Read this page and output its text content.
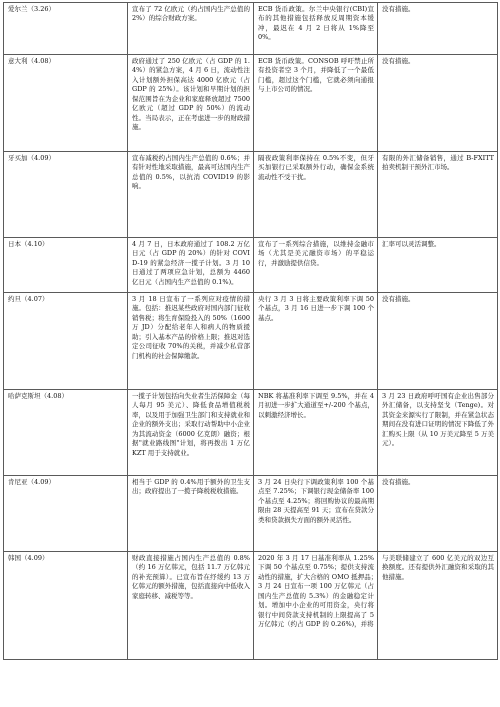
爱尔兰（3.26）	宣布了 72 亿欧元（约占国内生产总值的 2%）的综合财政方案。	ECB 货币政策。尔兰中央银行(CBI)宣布的其他措施包括释放反周期资本缓冲，最迟在 4 月 2 日将从 1%降至 0%。	没有措施。
意大利（4.08）	政府通过了 250 亿欧元（占 GDP 的 1.4%）的紧急方案，4 月 6 日，流动性注入计划额外担保高达 4000 亿欧元（占 GDP 的 25%）。该计划和早期计划的担保范围旨在为企业和家庭释放超过 7500 亿欧元（超过 GDP 的 50%）的流动性。当局表示，正在考虑进一步的财政措施。	ECB 货币政策。CONSOB 呼吁禁止所有投资者空 3 个月，并降低了一个最低门槛，超过这个门槛，它就必须向通报与上市公司的情况。	没有措施。
牙买加（4.09）	宣布减税约占国内生产总值的 0.6%；并有针对性地采取措施，最高可达国内生产总值的 0.5%，以抗消 COVID19 的影响。	隔夜政策利率保持在 0.5%不变，但牙买加银行已采取额外行动，确保金系统流动性不受干扰。	有限的外汇储备销售，通过 B-FXITT 拍卖机制干预外汇市场。
日本（4.10）	4 月 7 日，日本政府通过了 108.2 万亿日元（占 GDP 的 20%）的针对 COVID-19 的紧急经济一揽子计划。3 月 10 日通过了两项应急计划，总额为 4460 亿日元（占国内生产总值的 0.1%)。	宣布了一系列综合措施，以维持金融市场（尤其是美元融资市场）的平稳运行，并激励提供信贷。	汇率可以灵活调整。
约旦（4.07）	3 月 18 日宣布了一系列应对疫情的措施。包括：推迟某些政府对国内部门征收销售税；将生育保险投入的 50%（1600 万 JD）分配给老年人和病人的物质援助；引入基本产品的价格上限；推迟对选定公司征收 70%的关税，并减少私营部门机构的社会保障缴款。	央行 3 月 3 日将主要政策利率下调 50 个基点，3 月 16 日进一步下调 100 个基点。	没有措施。
哈萨克斯坦（4.08）	一揽子计划包括向失业者生活保障金（每人每月 95 美元）、降低食品增值税税率，以及用于加强卫生部门和支持就业和企业的额外支出；采取行动帮助中小企业为其流动资金（6000 亿克朗）融资；根据"就业路线图"计划，将再拨出 1 万亿 KZT 用于支持就业。	NBK 将基准利率下调至 9.5%，并在 4 月初进一步扩大通道至+/-200 个基点，以刺激经济增长。	3 月 23 日政府呼吁国有企业出售部分外汇储备，以支持坚戈（Tenge)。对其资金来源实行了限制，并在紧急状态期间在没有进口证明的情况下降低了外汇购买上限（从 10 万美元降至 5 万美元）。
肯尼亚（4.09）	相当于 GDP 的 0.4%用于额外的卫生支出；政府提出了一揽子降税税收措施。	3 月 24 日央行下调政策利率 100 个基点至 7.25%；下调银行现金储备率 100 个基点至 4.25%；将回购协议的最高期限由 28 天提高至 91 天；宣布在贷款分类和贷款损失方面的额外灵活性。	没有措施。
韩国（4.09）	财政直接措施占国内生产总值的 0.8%（约 16 万亿韩元，包括 11.7 万亿韩元的补充预算）。已宣布旨在纾缓约 13 万亿韩元的额外措施，包括直接向中低收入家庭转移、减税等等。	2020 年 3 月 17 日基准利率从 1.25%下调 50 个基点至 0.75%；提供支持流动性的措施，扩大合格的 OMO 抵押品；　　　　3 月 24 日宣布一项 100 万亿韩元（占国内生产总值的 5.3%）的金融稳定计划。增加中小企业的可用资金，央行将银行中间贷款支持机制的上限提高了 5 万亿韩元（约占 GDP 的 0.26%)，并将	与美联储建立了 600 亿美元的双边互换额度。还有提供外汇融资和采取的其他措施。
